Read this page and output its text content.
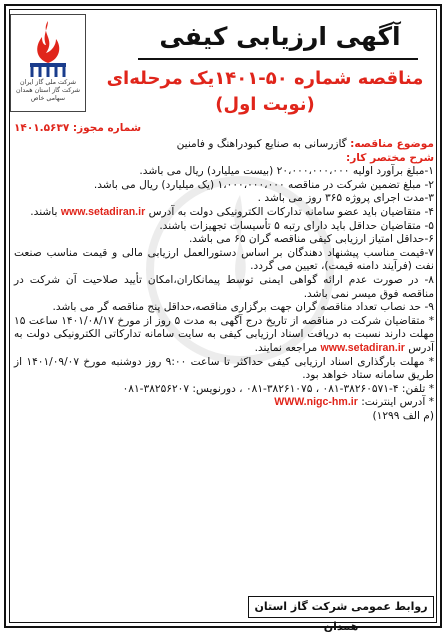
شرکت ملی گاز ایران
شرکت گاز استان همدان
سهامی خاص
آگهی ارزیابی کیفی
مناقصه شماره ۵۰-۱۴۰۱یک مرحله‌ای
(نوبت اول)
شماره مجوز: ۱۴۰۱.۵۶۳۷

موضوع مناقصه: گازرسانی به صنایع کبودراهنگ و فامنین

شرح مختصر کار:

۱-مبلغ برآورد اولیه ۲۰،۰۰۰،۰۰۰،۰۰۰ (بیست میلیارد) ریال می باشد.

۲- مبلغ تضمین شرکت در مناقصه ۱،۰۰۰،۰۰۰،۰۰۰ (یک میلیارد) ریال می باشد.

۳-مدت اجرای پروژه ۳۶۵ روز می باشد .

۴- متقاضیان باید عضو سامانه تدارکات الکترونیکی دولت به آدرس www.setadiran.ir باشند.

۵- متقاضیان حداقل باید دارای رتبه ۵ تأسیسات تجهیزات باشند.

۶-حداقل امتیاز ارزیابی کیفی مناقصه گران ۶۵ می باشد.

۷-قیمت مناسب پیشنهاد دهندگان بر اساس دستورالعمل ارزیابی مالی و قیمت مناسب صنعت نفت (فرآیند دامنه قیمت)، تعیین می گردد.

۸- در صورت عدم ارائه گواهی ایمنی توسط پیمانکاران،امکان تأیید صلاحیت آن شرکت در مناقصه فوق میسر نمی باشد.

۹- حد نصاب تعداد مناقصه گران جهت برگزاری مناقصه،حداقل پنج مناقصه گر می باشد.

* متقاضیان شرکت در مناقصه از تاریخ درج آگهی به مدت ۵ روز از مورخ ۱۴۰۱/۰۸/۱۷ ساعت ۱۵ مهلت دارند نسبت به دریافت اسناد ارزیابی کیفی به سایت سامانه تدارکاتی الکترونیکی دولت به آدرس www.setadiran.ir مراجعه نمایند.

* مهلت بارگذاری اسناد ارزیابی کیفی حداکثر تا ساعت ۹:۰۰ روز دوشنبه مورخ ۱۴۰۱/۰۹/۰۷ از طریق سامانه ستاد خواهد بود.

* تلفن: ۴-۳۸۲۶۰۵۷۱-۰۸۱ ، ۳۸۲۶۱۰۷۵-۰۸۱ ، دورنویس: ۳۸۲۵۶۲۰۷-۰۸۱

* آدرس اینترنت: WWW.nigc-hm.ir

(م الف ۱۲۹۹)

روابط عمومی شرکت گاز استان همدان
